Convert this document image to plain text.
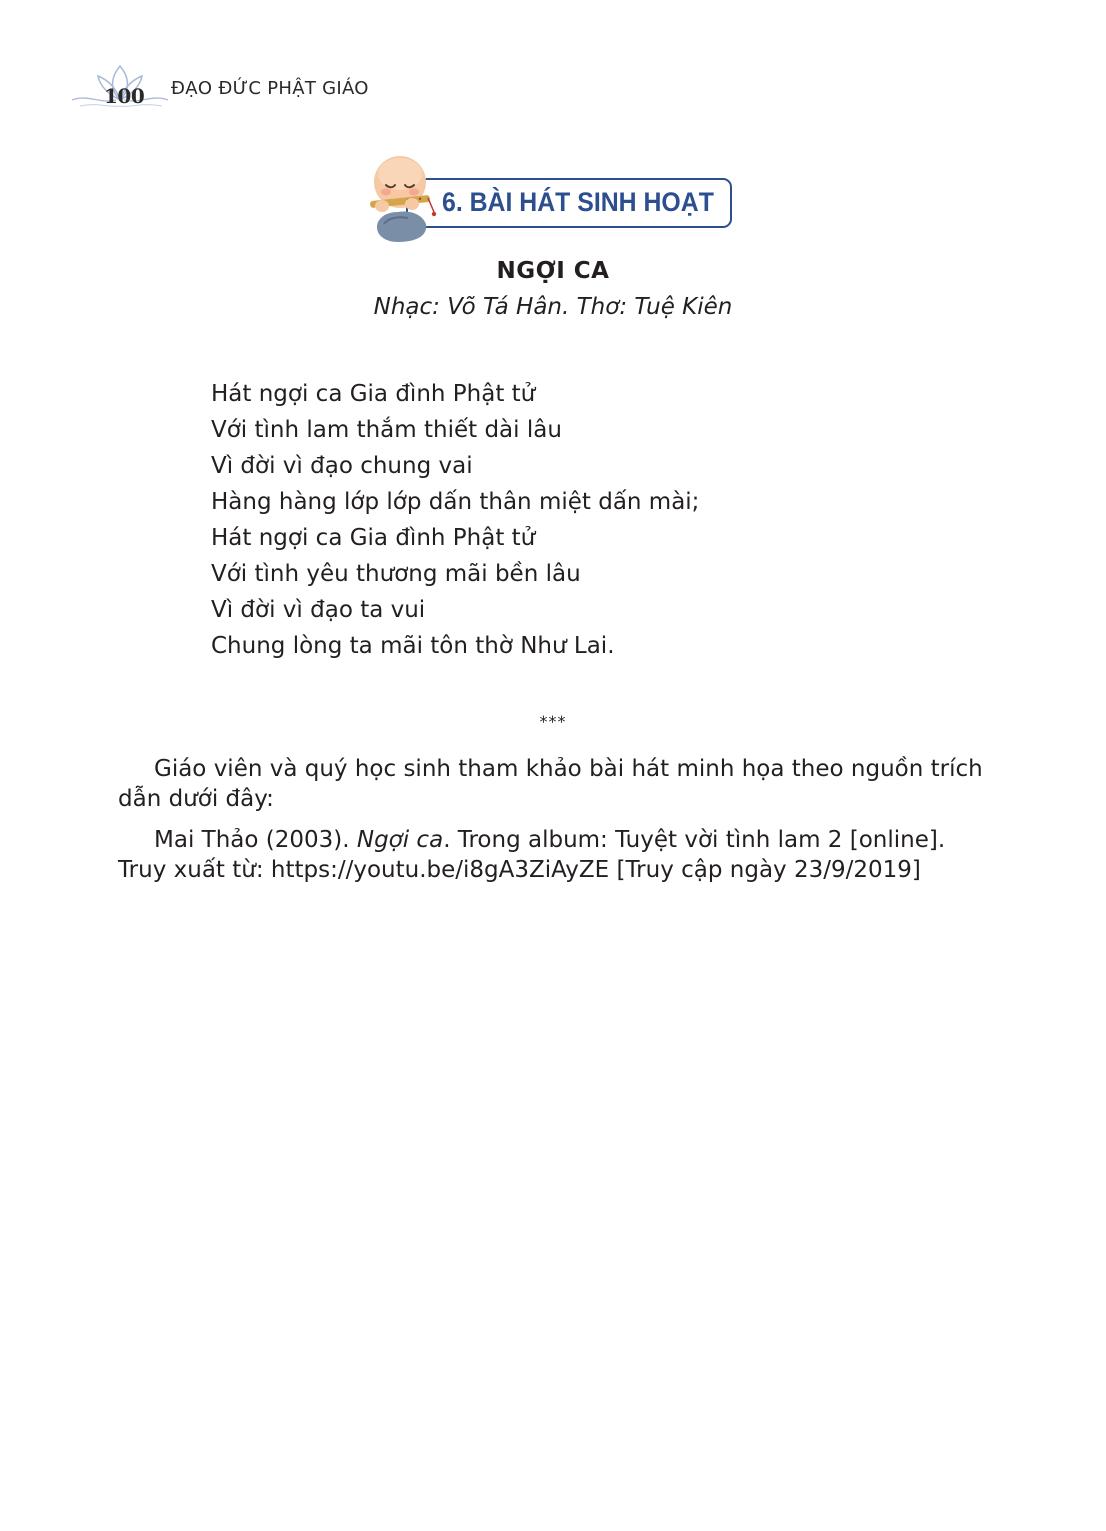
100 ĐẠO ĐỨC PHẬT GIÁO
6. BÀI HÁT SINH HOẠT
NGỢI CA
Nhạc: Võ Tá Hân. Thơ: Tuệ Kiên
Hát ngợi ca Gia đình Phật tử
Với tình lam thắm thiết dài lâu
Vì đời vì đạo chung vai
Hàng hàng lớp lớp dấn thân miệt dấn mài;
Hát ngợi ca Gia đình Phật tử
Với tình yêu thương mãi bền lâu
Vì đời vì đạo ta vui
Chung lòng ta mãi tôn thờ Như Lai.
***

Giáo viên và quý học sinh tham khảo bài hát minh họa theo nguồn trích dẫn dưới đây:

Mai Thảo (2003). Ngợi ca. Trong album: Tuyệt vời tình lam 2 [online]. Truy xuất từ: https://youtu.be/i8gA3ZiAyZE [Truy cập ngày 23/9/2019]
